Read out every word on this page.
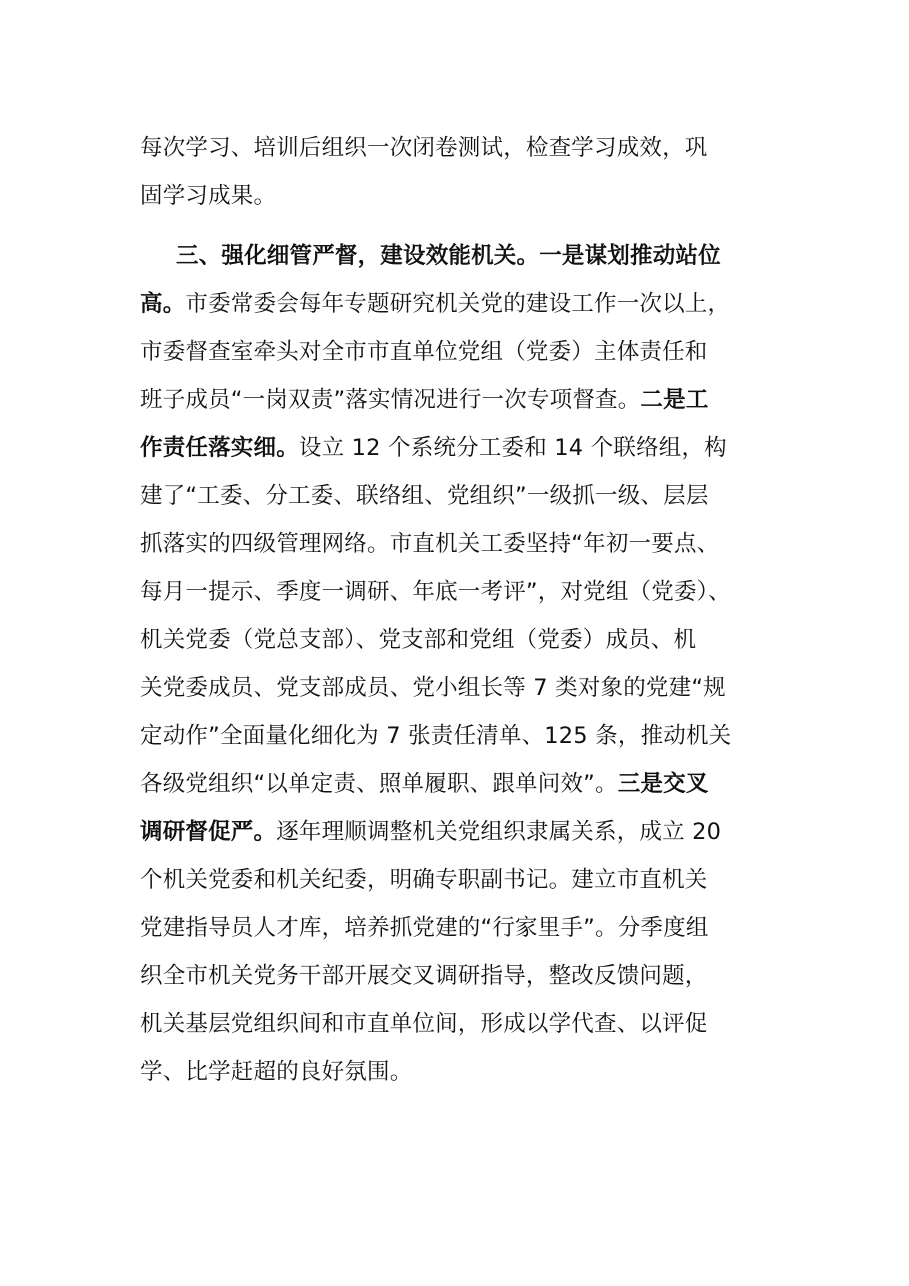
每次学习、培训后组织一次闭卷测试，检查学习成效，巩
固学习成果。
三、强化细管严督，建设效能机关。一是谋划推动站位
高。市委常委会每年专题研究机关党的建设工作一次以上，
市委督查室牵头对全市市直单位党组（党委）主体责任和
班子成员“一岗双责”落实情况进行一次专项督查。二是工
作责任落实细。设立 12 个系统分工委和 14 个联络组，构
建了“工委、分工委、联络组、党组织”一级抓一级、层层
抓落实的四级管理网络。市直机关工委坚持“年初一要点、
每月一提示、季度一调研、年底一考评”，对党组（党委）、
机关党委（党总支部）、党支部和党组（党委）成员、机
关党委成员、党支部成员、党小组长等 7 类对象的党建“规
定动作”全面量化细化为 7 张责任清单、125 条，推动机关
各级党组织“以单定责、照单履职、跟单问效”。三是交叉
调研督促严。逐年理顺调整机关党组织隶属关系，成立 20
个机关党委和机关纪委，明确专职副书记。建立市直机关
党建指导员人才库，培养抓党建的“行家里手”。分季度组
织全市机关党务干部开展交叉调研指导，整改反馈问题，
机关基层党组织间和市直单位间，形成以学代查、以评促
学、比学赶超的良好氛围。
